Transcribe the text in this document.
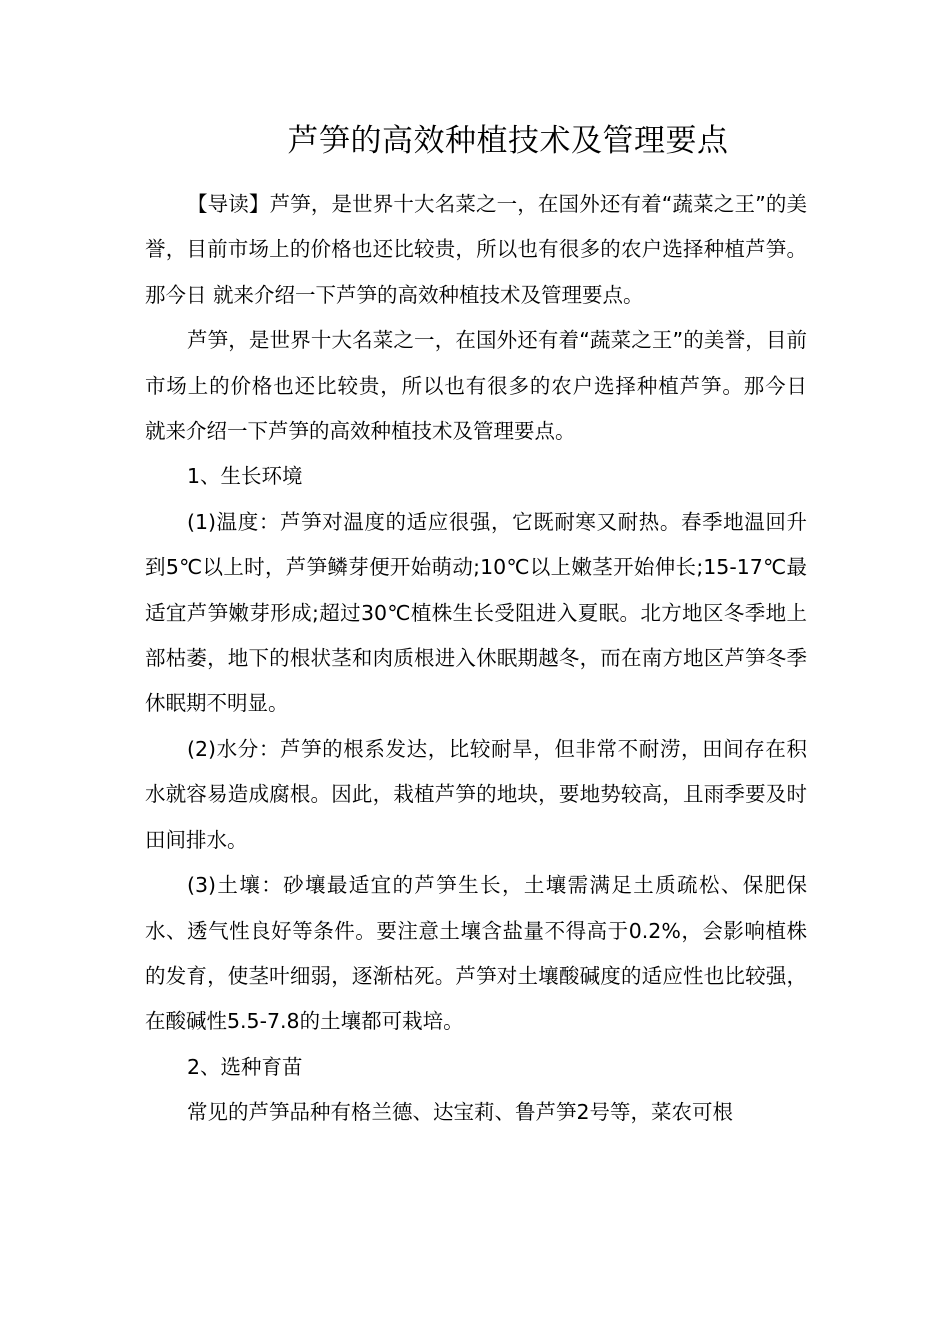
芦笋的高效种植技术及管理要点

【导读】芦笋，是世界十大名菜之一，在国外还有着“蔬菜之王”的美誉，目前市场上的价格也还比较贵，所以也有很多的农户选择种植芦笋。那今日 就来介绍一下芦笋的高效种植技术及管理要点。

芦笋，是世界十大名菜之一，在国外还有着“蔬菜之王”的美誉，目前市场上的价格也还比较贵，所以也有很多的农户选择种植芦笋。那今日 就来介绍一下芦笋的高效种植技术及管理要点。

1、生长环境

(1)温度：芦笋对温度的适应很强，它既耐寒又耐热。春季地温回升到5℃以上时，芦笋鳞芽便开始萌动;10℃以上嫩茎开始伸长;15-17℃最适宜芦笋嫩芽形成;超过30℃植株生长受阻进入夏眠。北方地区冬季地上部枯萎，地下的根状茎和肉质根进入休眠期越冬，而在南方地区芦笋冬季休眠期不明显。

(2)水分：芦笋的根系发达，比较耐旱，但非常不耐涝，田间存在积水就容易造成腐根。因此，栽植芦笋的地块，要地势较高，且雨季要及时田间排水。

(3)土壤：砂壤最适宜的芦笋生长，土壤需满足土质疏松、保肥保水、透气性良好等条件。要注意土壤含盐量不得高于0.2%，会影响植株的发育，使茎叶细弱，逐渐枯死。芦笋对土壤酸碱度的适应性也比较强，在酸碱性5.5-7.8的土壤都可栽培。

2、选种育苗

常见的芦笋品种有格兰德、达宝莉、鲁芦笋2号等，菜农可根
